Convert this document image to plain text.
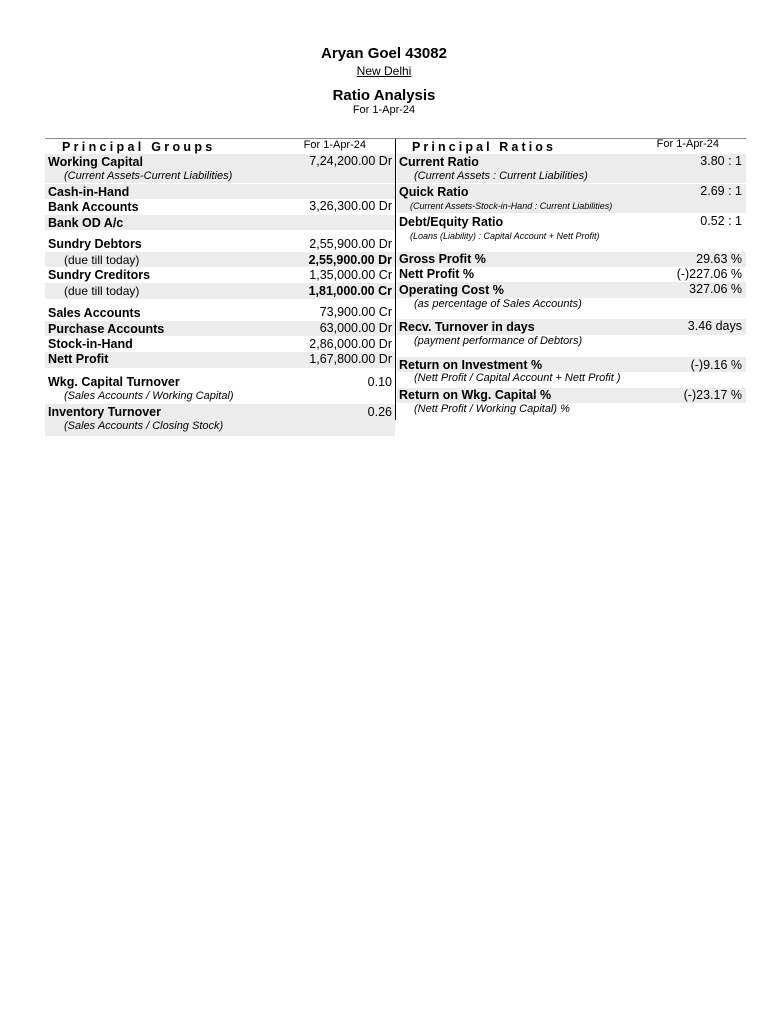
Aryan Goel 43082
New Delhi
Ratio Analysis
For 1-Apr-24
Principal Groups	For 1-Apr-24
Working Capital	7,24,200.00 Dr
(Current Assets-Current Liabilities)
Cash-in-Hand
Bank Accounts	3,26,300.00 Dr
Bank OD A/c
Sundry Debtors	2,55,900.00 Dr
(due till today)	2,55,900.00 Dr
Sundry Creditors	1,35,000.00 Cr
(due till today)	1,81,000.00 Cr
Sales Accounts	73,900.00 Cr
Purchase Accounts	63,000.00 Dr
Stock-in-Hand	2,86,000.00 Dr
Nett Profit	1,67,800.00 Dr
Wkg. Capital Turnover	0.10
(Sales Accounts / Working Capital)
Inventory Turnover	0.26
(Sales Accounts / Closing Stock)
Principal Ratios	For 1-Apr-24
Current Ratio	3.80 : 1
(Current Assets : Current Liabilities)
Quick Ratio	2.69 : 1
(Current Assets-Stock-in-Hand : Current Liabilities)
Debt/Equity Ratio	0.52 : 1
(Loans (Liability) : Capital Account + Nett Profit)
Gross Profit %	29.63 %
Nett Profit %	(-)227.06 %
Operating Cost %	327.06 %
(as percentage of Sales Accounts)
Recv. Turnover in days	3.46 days
(payment performance of Debtors)
Return on Investment %	(-)9.16 %
(Nett Profit / Capital Account + Nett Profit )
Return on Wkg. Capital %	(-)23.17 %
(Nett Profit / Working Capital) %
